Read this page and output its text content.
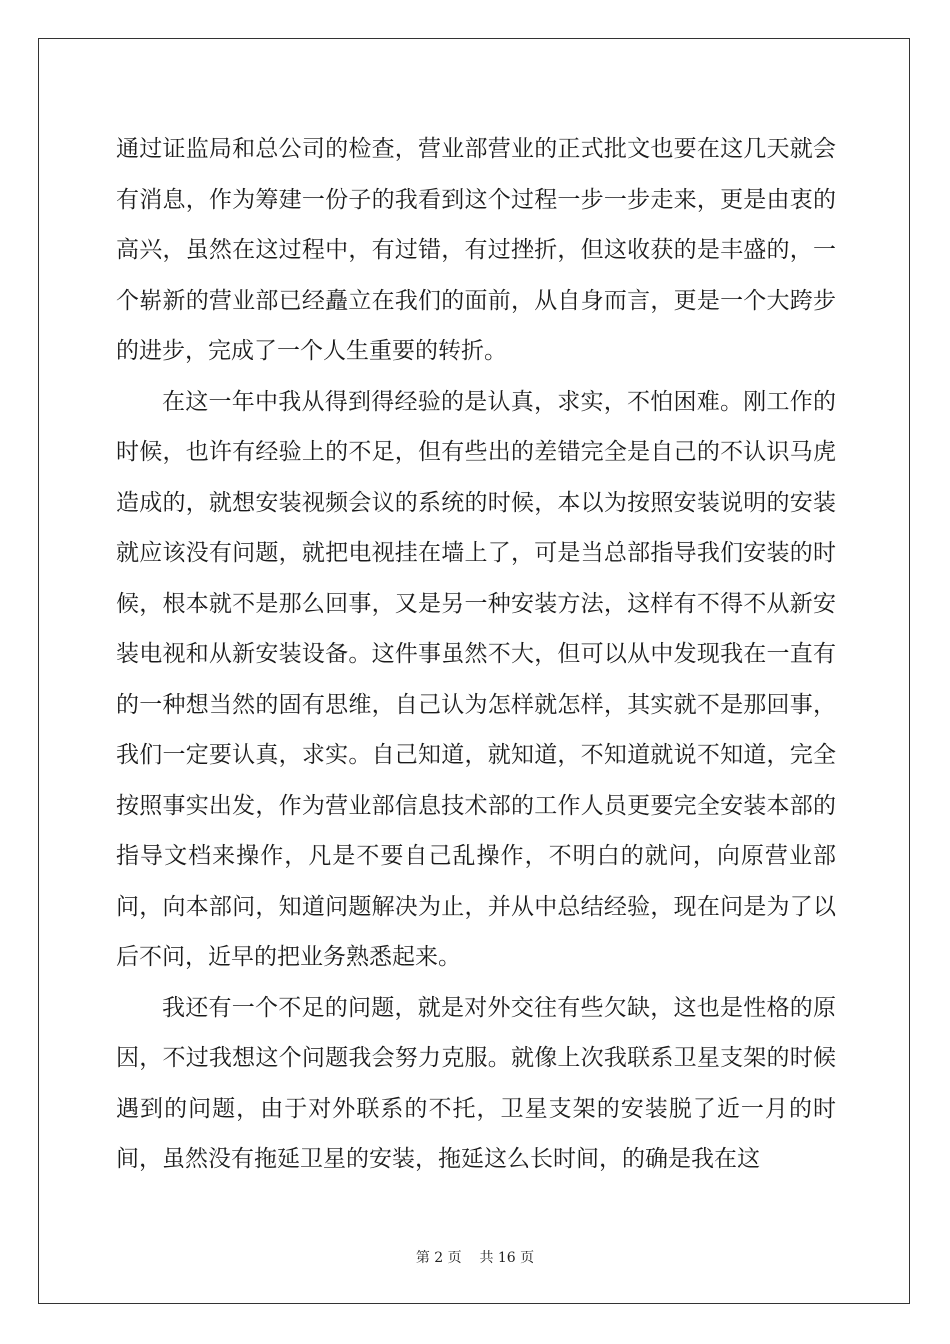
通过证监局和总公司的检查，营业部营业的正式批文也要在这几天就会有消息，作为筹建一份子的我看到这个过程一步一步走来，更是由衷的高兴，虽然在这过程中，有过错，有过挫折，但这收获的是丰盛的，一个崭新的营业部已经矗立在我们的面前，从自身而言，更是一个大跨步的进步，完成了一个人生重要的转折。

在这一年中我从得到得经验的是认真，求实，不怕困难。刚工作的时候，也许有经验上的不足，但有些出的差错完全是自己的不认识马虎造成的，就想安装视频会议的系统的时候，本以为按照安装说明的安装就应该没有问题，就把电视挂在墙上了，可是当总部指导我们安装的时候，根本就不是那么回事，又是另一种安装方法，这样有不得不从新安装电视和从新安装设备。这件事虽然不大，但可以从中发现我在一直有的一种想当然的固有思维，自己认为怎样就怎样，其实就不是那回事，我们一定要认真，求实。自己知道，就知道，不知道就说不知道，完全按照事实出发，作为营业部信息技术部的工作人员更要完全安装本部的指导文档来操作，凡是不要自己乱操作，不明白的就问，向原营业部问，向本部问，知道问题解决为止，并从中总结经验，现在问是为了以后不问，近早的把业务熟悉起来。

我还有一个不足的问题，就是对外交往有些欠缺，这也是性格的原因，不过我想这个问题我会努力克服。就像上次我联系卫星支架的时候遇到的问题，由于对外联系的不托，卫星支架的安装脱了近一月的时间，虽然没有拖延卫星的安装，拖延这么长时间，的确是我在这

第 2 页 共 16 页
